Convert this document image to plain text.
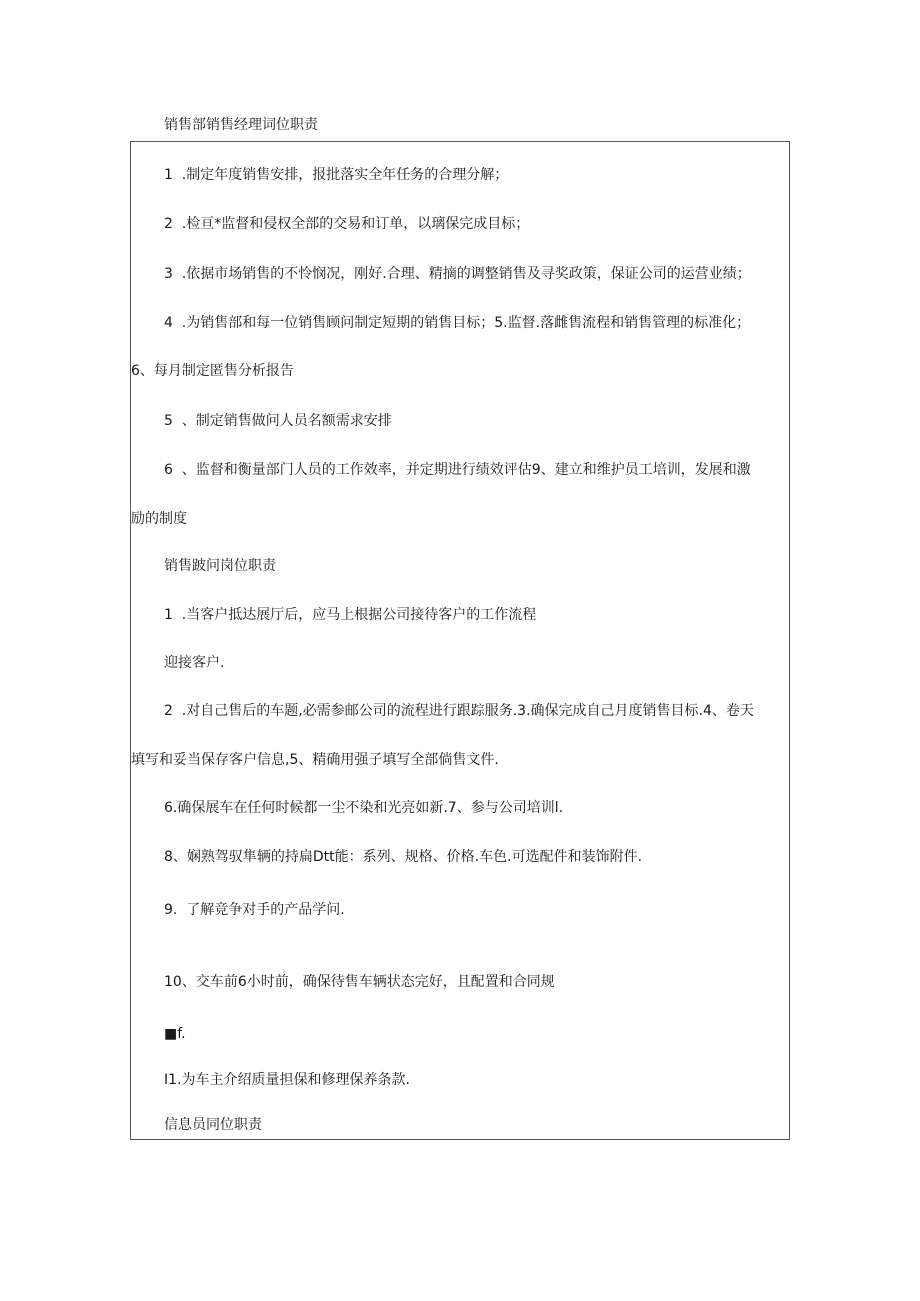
销售部销售经理词位职责
1  .制定年度销售安排，报批落实全年任务的合理分解；
2  .检亘*监督和侵权全部的交易和订单，以璃保完成目标；
3  .依据市场销售的不怜悯况，刚好.合理、精摘的调整销售及寻奖政策，保证公司的运营业绩；
4  .为销售部和每一位销售顾问制定短期的销售目标；5.监督.落雌售流程和销售管理的标准化；
6、每月制定匿售分析报告
5  、制定销售做问人员名额需求安排
6  、监督和衡量部门人员的工作效率，并定期进行绩效评估9、建立和维护员工培训，发展和激
励的制度
销售跛问岗位职责
1  .当客户抵达展厅后，应马上根据公司接待客户的工作流程
迎接客户.
2  .对自己售后的车题,必需参邮公司的流程进行跟踪服务.3.确保完成自己月度销售目标.4、卷天
填写和妥当保存客户信息,5、精确用强子填写全部倘售文件.
6.确保展车在任何时候都一尘不染和光亮如新.7、参与公司培训l.
8、娴熟驾驭隼辆的持扁Dtt能：系列、规格、价格.车色.可选配件和装饰附件.
9.  了解竞争对手的产品学问.
10、交车前6小时前，确保待售车辆状态完好，且配置和合同规
■f.
I1.为车主介绍质量担保和修理保养条款.
信息员同位职责
